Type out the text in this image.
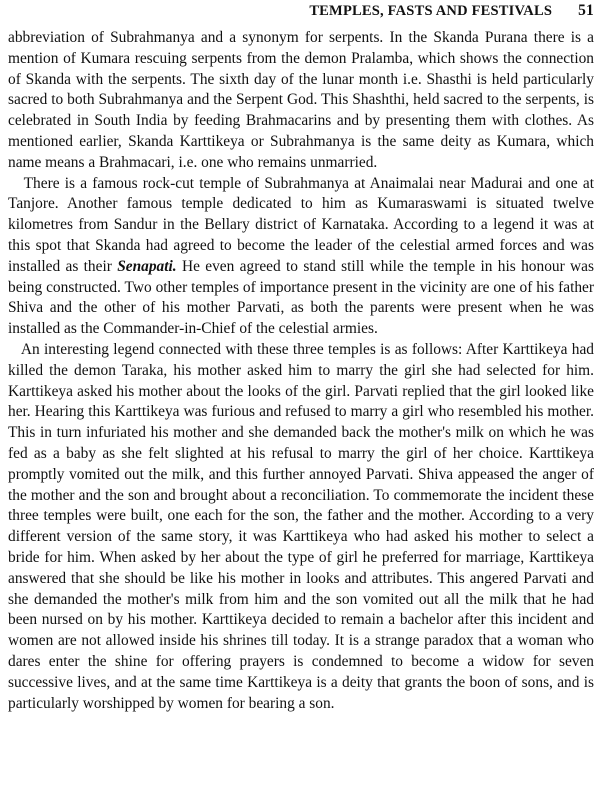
TEMPLES, FASTS AND FESTIVALS 51

abbreviation of Subrahmanya and a synonym for serpents. In the Skanda Purana there is a mention of Kumara rescuing serpents from the demon Pralamba, which shows the connection of Skanda with the serpents. The sixth day of the lunar month i.e. Shasthi is held particularly sacred to both Subrahmanya and the Serpent God. This Shashthi, held sacred to the serpents, is celebrated in South India by feeding Brahmacarins and by presenting them with clothes. As mentioned earlier, Skanda Karttikeya or Subrahmanya is the same deity as Kumara, which name means a Brahmacari, i.e. one who remains unmarried.

There is a famous rock-cut temple of Subrahmanya at Anaimalai near Madurai and one at Tanjore. Another famous temple dedicated to him as Kumaraswami is situated twelve kilometres from Sandur in the Bellary district of Karnataka. According to a legend it was at this spot that Skanda had agreed to become the leader of the celestial armed forces and was installed as their Senapati. He even agreed to stand still while the temple in his honour was being constructed. Two other temples of importance present in the vicinity are one of his father Shiva and the other of his mother Parvati, as both the parents were present when he was installed as the Commander-in-Chief of the celestial armies.

An interesting legend connected with these three temples is as follows: After Karttikeya had killed the demon Taraka, his mother asked him to marry the girl she had selected for him. Karttikeya asked his mother about the looks of the girl. Parvati replied that the girl looked like her. Hearing this Karttikeya was furious and refused to marry a girl who resembled his mother. This in turn infuriated his mother and she demanded back the mother's milk on which he was fed as a baby as she felt slighted at his refusal to marry the girl of her choice. Karttikeya promptly vomited out the milk, and this further annoyed Parvati. Shiva appeased the anger of the mother and the son and brought about a reconciliation. To commemorate the incident these three temples were built, one each for the son, the father and the mother. According to a very different version of the same story, it was Karttikeya who had asked his mother to select a bride for him. When asked by her about the type of girl he preferred for marriage, Karttikeya answered that she should be like his mother in looks and attributes. This angered Parvati and she demanded the mother's milk from him and the son vomited out all the milk that he had been nursed on by his mother. Karttikeya decided to remain a bachelor after this incident and women are not allowed inside his shrines till today. It is a strange paradox that a woman who dares enter the shine for offering prayers is condemned to become a widow for seven successive lives, and at the same time Karttikeya is a deity that grants the boon of sons, and is particularly worshipped by women for bearing a son.
